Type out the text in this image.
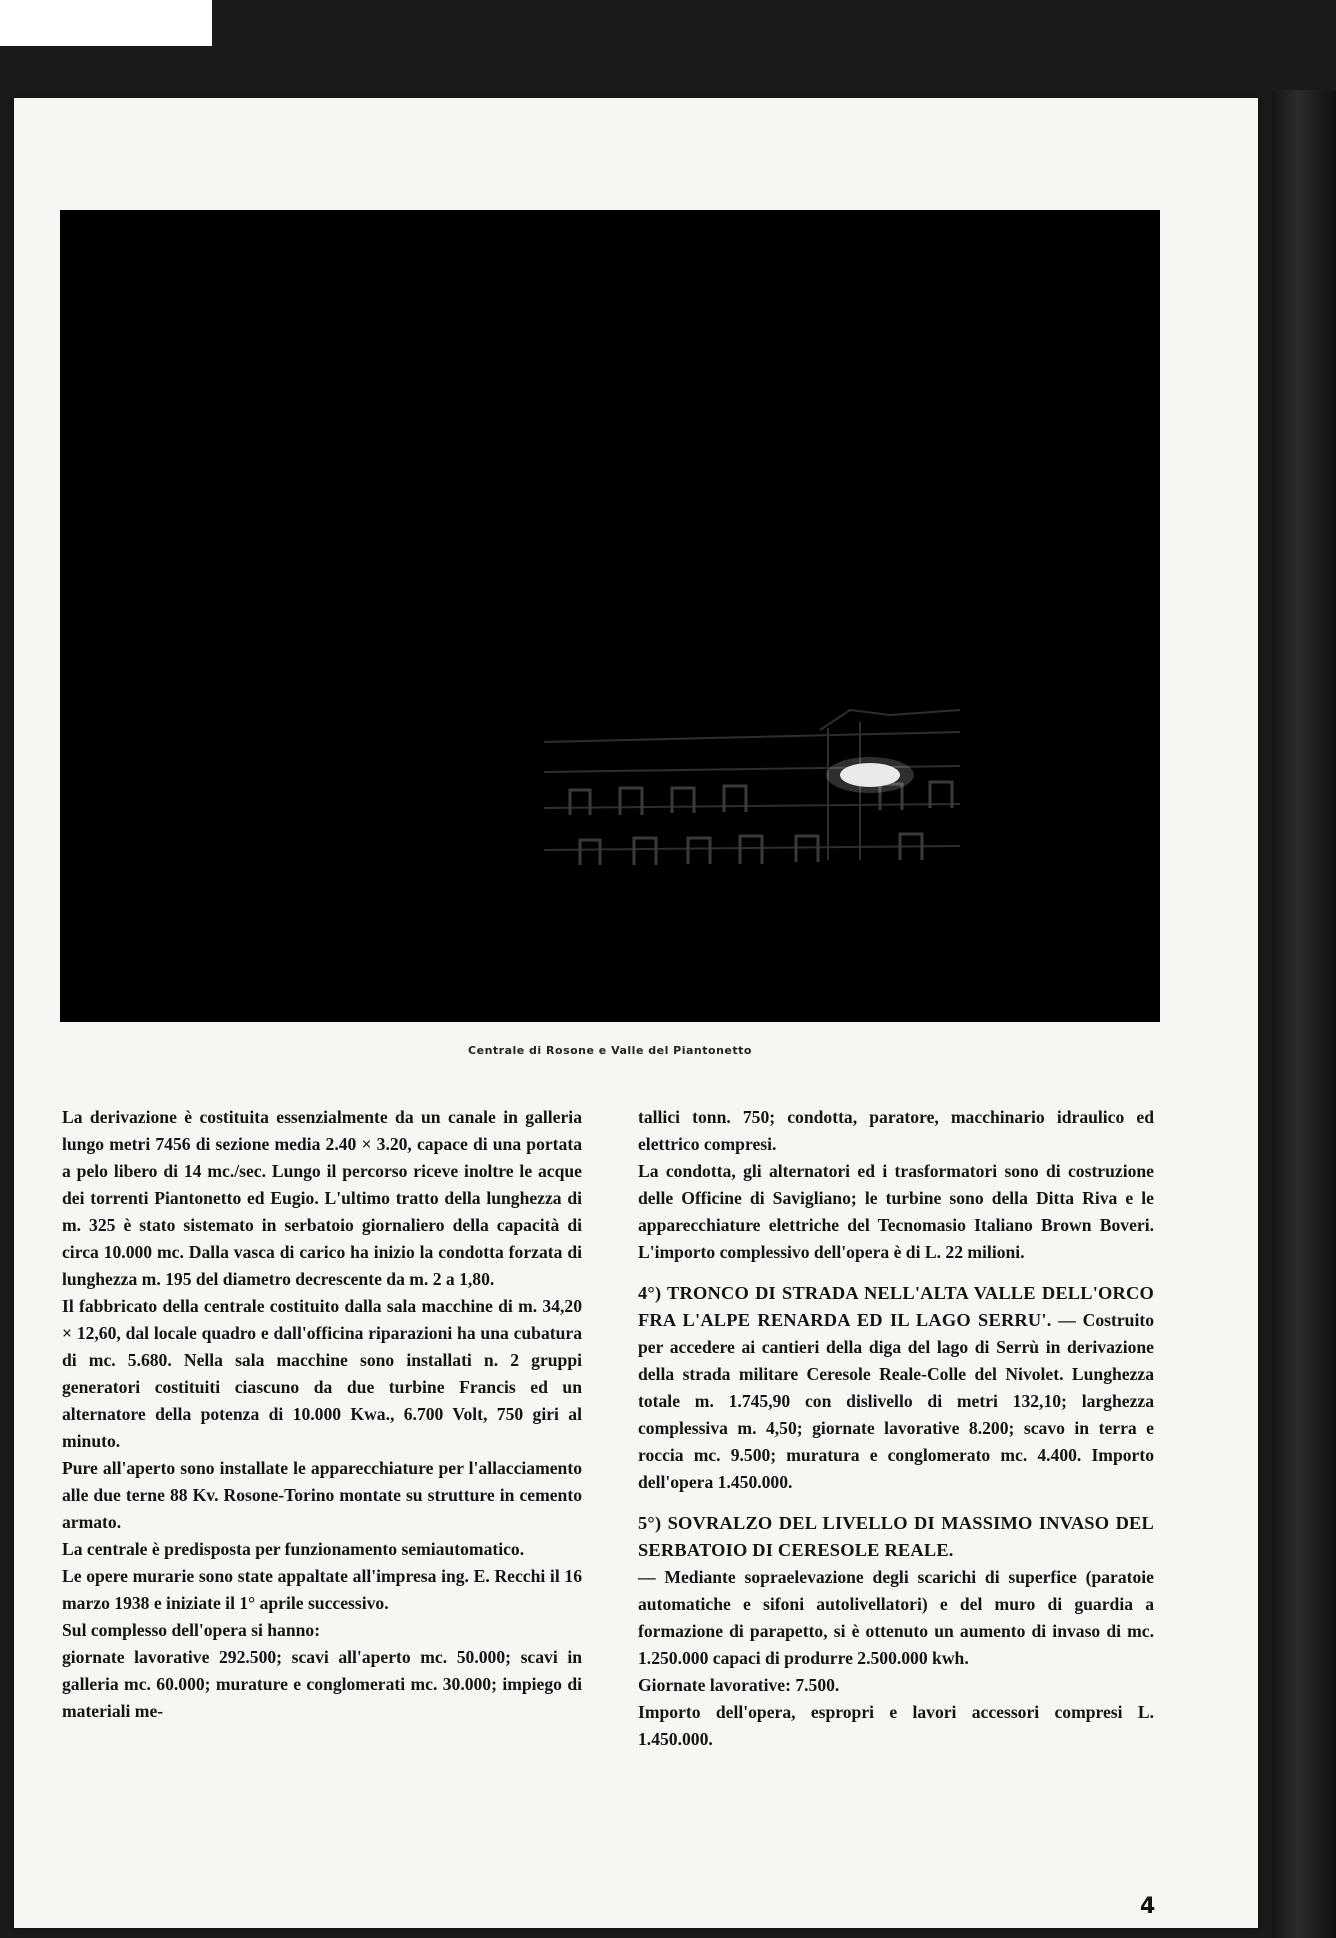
Centrale di Rosone e Valle del Piantonetto

La derivazione è costituita essenzialmente da un canale in galleria lungo metri 7456 di sezione media 2.40 × 3.20, capace di una portata a pelo libero di 14 mc./sec. Lungo il percorso riceve inoltre le acque dei torrenti Piantonetto ed Eugio. L'ultimo tratto della lunghezza di m. 325 è stato sistemato in serbatoio giornaliero della capacità di circa 10.000 mc. Dalla vasca di carico ha inizio la condotta forzata di lunghezza m. 195 del diametro decrescente da m. 2 a 1,80.

Il fabbricato della centrale costituito dalla sala macchine di m. 34,20 × 12,60, dal locale quadro e dall'officina riparazioni ha una cubatura di mc. 5.680. Nella sala macchine sono installati n. 2 gruppi generatori costituiti ciascuno da due turbine Francis ed un alternatore della potenza di 10.000 Kwa., 6.700 Volt, 750 giri al minuto.

Pure all'aperto sono installate le apparecchiature per l'allacciamento alle due terne 88 Kv. Rosone-Torino montate su strutture in cemento armato.

La centrale è predisposta per funzionamento semiautomatico.

Le opere murarie sono state appaltate all'impresa ing. E. Recchi il 16 marzo 1938 e iniziate il 1° aprile successivo.

Sul complesso dell'opera si hanno:

giornate lavorative 292.500; scavi all'aperto mc. 50.000; scavi in galleria mc. 60.000; murature e conglomerati mc. 30.000; impiego di materiali me-

tallici tonn. 750; condotta, paratore, macchinario idraulico ed elettrico compresi.

La condotta, gli alternatori ed i trasformatori sono di costruzione delle Officine di Savigliano; le turbine sono della Ditta Riva e le apparecchiature elettriche del Tecnomasio Italiano Brown Boveri. L'importo complessivo dell'opera è di L. 22 milioni.

4°) TRONCO DI STRADA NELL'ALTA VALLE DELL'ORCO FRA L'ALPE RENARDA ED IL LAGO SERRU'. — Costruito per accedere ai cantieri della diga del lago di Serrù in derivazione della strada militare Ceresole Reale-Colle del Nivolet. Lunghezza totale m. 1.745,90 con dislivello di metri 132,10; larghezza complessiva m. 4,50; giornate lavorative 8.200; scavo in terra e roccia mc. 9.500; muratura e conglomerato mc. 4.400. Importo dell'opera 1.450.000.

5°) SOVRALZO DEL LIVELLO DI MASSIMO INVASO DEL SERBATOIO DI CERESOLE REALE.

— Mediante sopraelevazione degli scarichi di superfice (paratoie automatiche e sifoni autolivellatori) e del muro di guardia a formazione di parapetto, si è ottenuto un aumento di invaso di mc. 1.250.000 capaci di produrre 2.500.000 kwh.

Giornate lavorative: 7.500.

Importo dell'opera, espropri e lavori accessori compresi L. 1.450.000.

4
